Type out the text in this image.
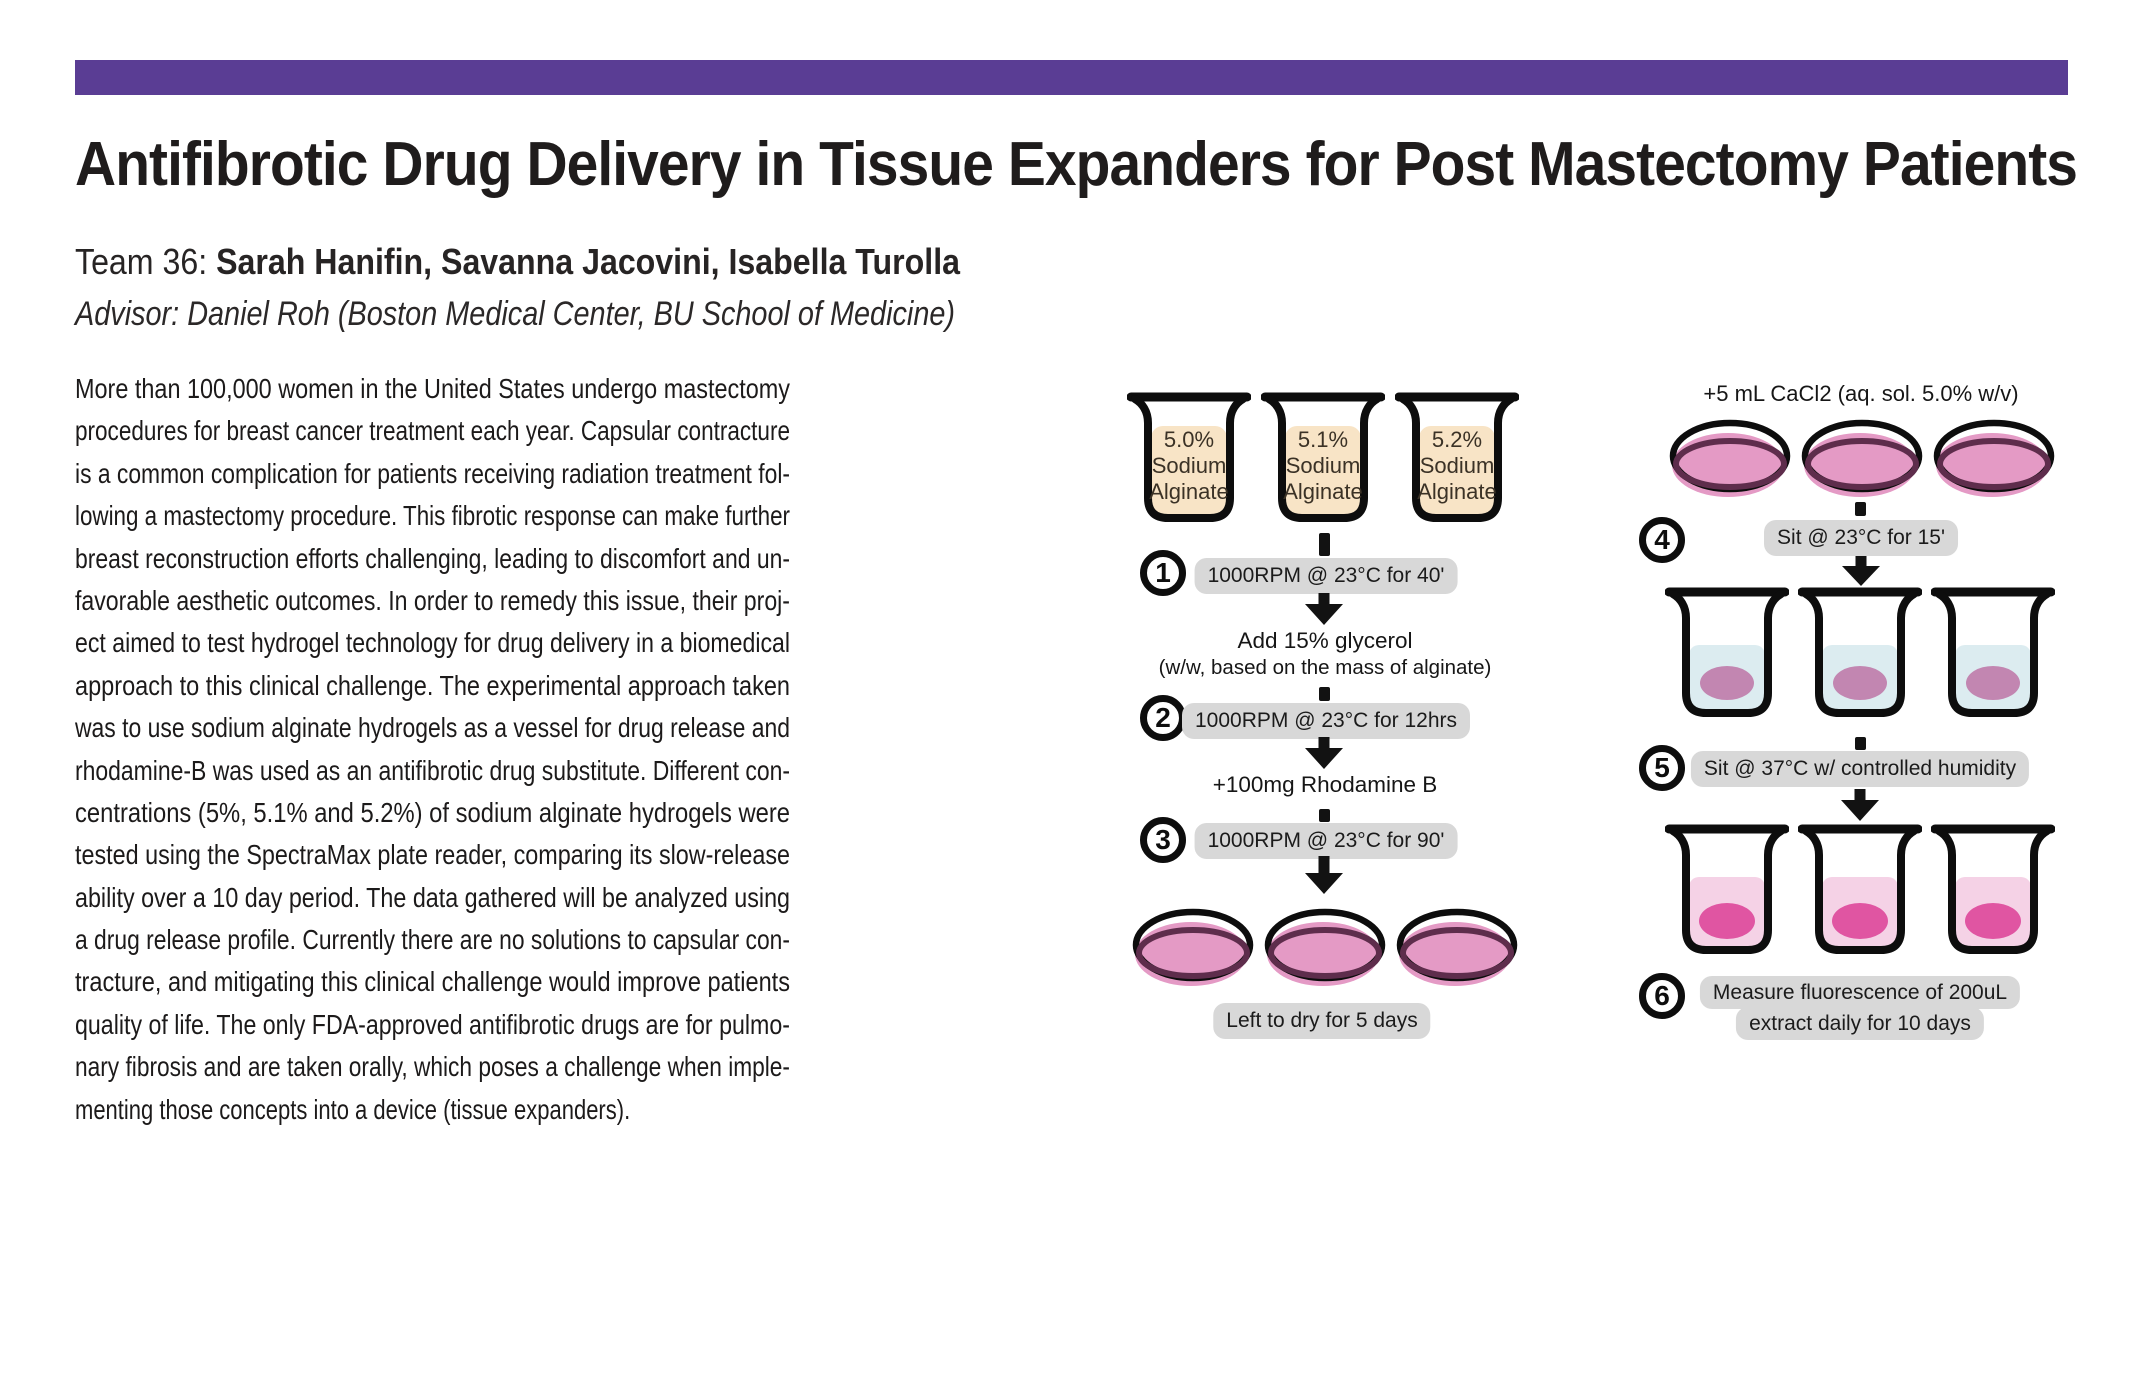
Antifibrotic Drug Delivery in Tissue Expanders for Post Mastectomy Patients
Team 36: Sarah Hanifin, Savanna Jacovini, Isabella Turolla
Advisor: Daniel Roh (Boston Medical Center, BU School of Medicine)
More than 100,000 women in the United States undergo mastectomy
procedures for breast cancer treatment each year. Capsular contracture
is a common complication for patients receiving radiation treatment fol-
lowing a mastectomy procedure. This fibrotic response can make further
breast reconstruction efforts challenging, leading to discomfort and un-
favorable aesthetic outcomes. In order to remedy this issue, their proj-
ect aimed to test hydrogel technology for drug delivery in a biomedical
approach to this clinical challenge. The experimental approach taken
was to use sodium alginate hydrogels as a vessel for drug release and
rhodamine-B was used as an antifibrotic drug substitute. Different con-
centrations (5%, 5.1% and 5.2%) of sodium alginate hydrogels were
tested using the SpectraMax plate reader, comparing its slow-release
ability over a 10 day period. The data gathered will be analyzed using
a drug release profile. Currently there are no solutions to capsular con-
tracture, and mitigating this clinical challenge would improve patients
quality of life. The only FDA-approved antifibrotic drugs are for pulmo-
nary fibrosis and are taken orally, which poses a challenge when imple-
menting those concepts into a device (tissue expanders).
5.0%
Sodium
Alginate
5.1%
Sodium
Alginate
5.2%
Sodium
Alginate
1 1000RPM @ 23°C for 40'
Add 15% glycerol
(w/w, based on the mass of alginate)
2 1000RPM @ 23°C for 12hrs
+100mg Rhodamine B
3 1000RPM @ 23°C for 90'
Left to dry for 5 days
+5 mL CaCl2 (aq. sol. 5.0% w/v)
4	Sit @ 23°C for 15'
5 Sit @ 37°C w/ controlled humidity
6 Measure fluorescence of 200uL
extract daily for 10 days
